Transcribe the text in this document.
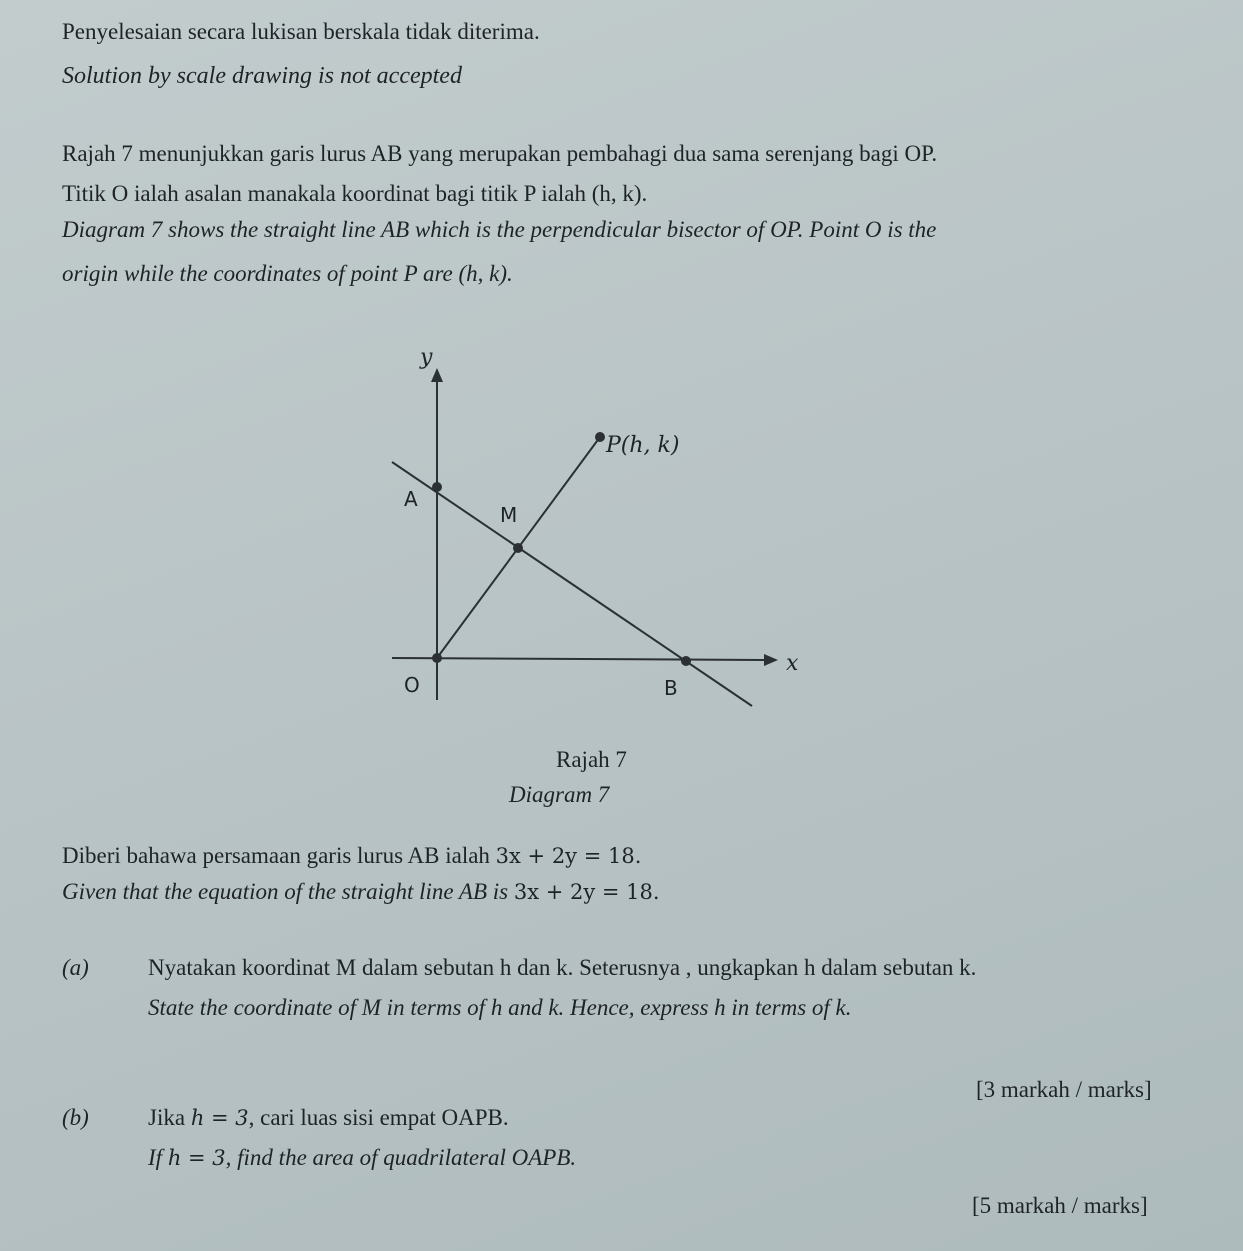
Penyelesaian secara lukisan berskala tidak diterima.
Solution by scale drawing is not accepted
Rajah 7 menunjukkan garis lurus AB yang merupakan pembahagi dua sama serenjang bagi OP.
Titik O ialah asalan manakala koordinat bagi titik P ialah (h, k).
Diagram 7 shows the straight line AB which is the perpendicular bisector of OP. Point O is the
origin while the coordinates of point P are (h, k).
y
x
P(h, k)
A
M
O	B
Rajah 7
Diagram 7
Diberi bahawa persamaan garis lurus AB ialah 3x + 2y = 18.
Given that the equation of the straight line AB is 3x + 2y = 18.
(a)	Nyatakan koordinat M dalam sebutan h dan k. Seterusnya , ungkapkan h dalam sebutan k.
State the coordinate of M in terms of h and k. Hence, express h in terms of k.
[3 markah / marks]
(b)	Jika h = 3, cari luas sisi empat OAPB.
If h = 3, find the area of quadrilateral OAPB.
[5 markah / marks]
